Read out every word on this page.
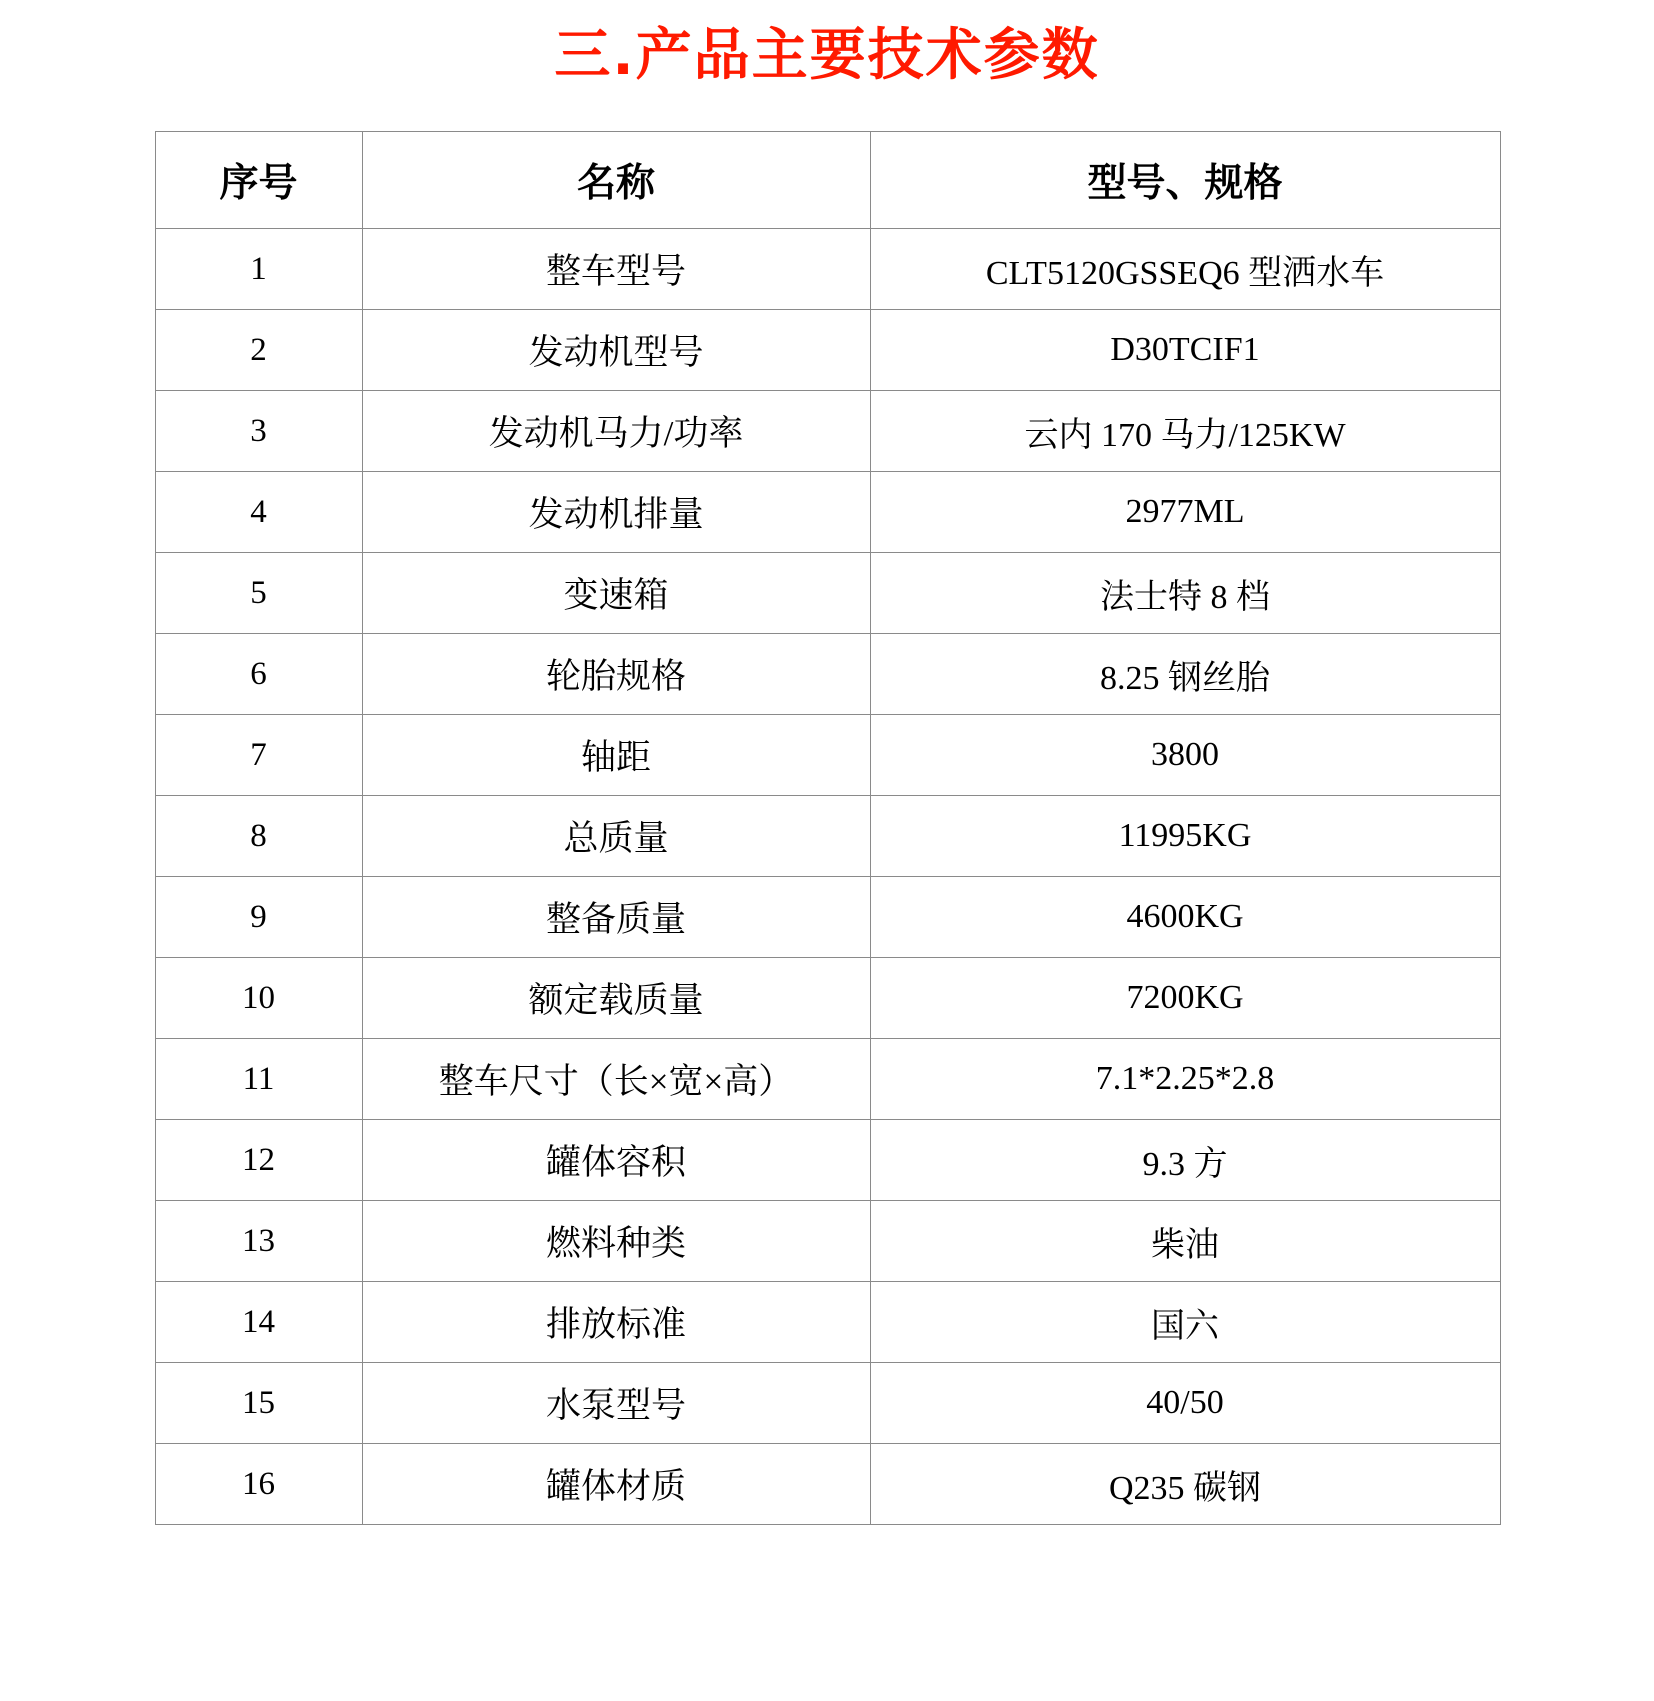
三.产品主要技术参数
序号	名称	型号、规格
1	整车型号	CLT5120GSSEQ6 型洒水车
2	发动机型号	D30TCIF1
3	发动机马力/功率	云内 170 马力/125KW
4	发动机排量	2977ML
5	变速箱	法士特 8 档
6	轮胎规格	8.25 钢丝胎
7	轴距	3800
8	总质量	11995KG
9	整备质量	4600KG
10	额定载质量	7200KG
11	整车尺寸（长×宽×高）	7.1*2.25*2.8
12	罐体容积	9.3 方
13	燃料种类	柴油
14	排放标准	国六
15	水泵型号	40/50
16	罐体材质	Q235 碳钢
